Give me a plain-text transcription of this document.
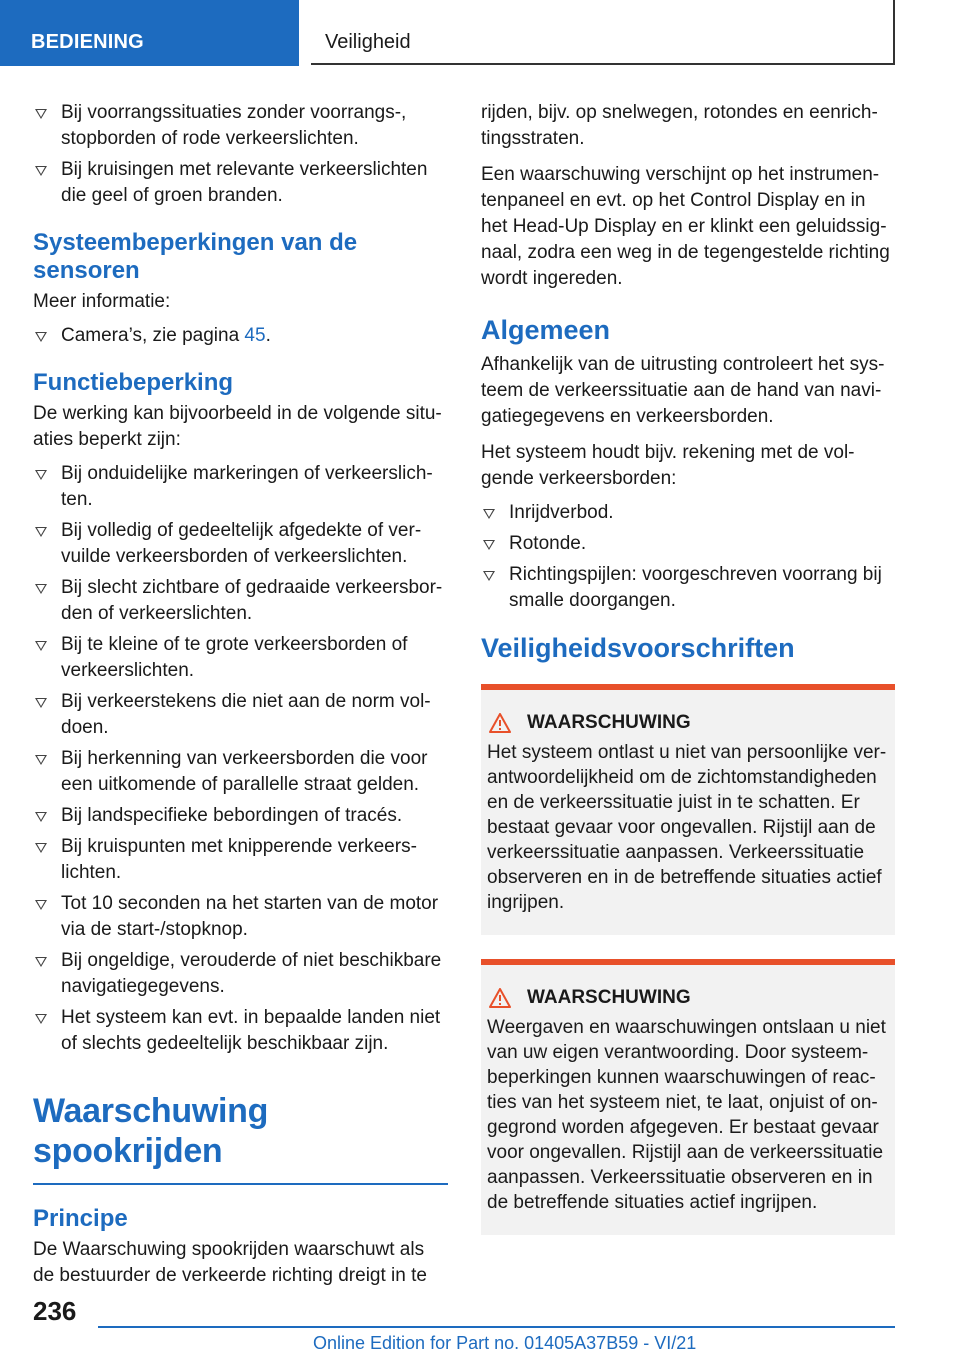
BEDIENING	Veiligheid
Bij voorrangssituaties zonder voorrangs-, stopborden of rode verkeerslichten.
Bij kruisingen met relevante verkeerslichten die geel of groen branden.
Systeembeperkingen van de sensoren

Meer informatie:

Camera’s, zie pagina 45.
Functiebeperking

De werking kan bijvoorbeeld in de volgende situ-aties beperkt zijn:

Bij onduidelijke markeringen of verkeerslich-ten.
Bij volledig of gedeeltelijk afgedekte of ver-vuilde verkeersborden of verkeerslichten.
Bij slecht zichtbare of gedraaide verkeersbor-den of verkeerslichten.
Bij te kleine of te grote verkeersborden of verkeerslichten.
Bij verkeerstekens die niet aan de norm vol-doen.
Bij herkenning van verkeersborden die voor een uitkomende of parallelle straat gelden.
Bij landspecifieke bebordingen of tracés.
Bij kruispunten met knipperende verkeers-lichten.
Tot 10 seconden na het starten van de motor via de start-/stopknop.
Bij ongeldige, verouderde of niet beschikbare navigatiegegevens.
Het systeem kan evt. in bepaalde landen niet of slechts gedeeltelijk beschikbaar zijn.
Waarschuwing spookrijden
Principe

De Waarschuwing spookrijden waarschuwt als de bestuurder de verkeerde richting dreigt in te

rijden, bijv. op snelwegen, rotondes en eenrich-tingsstraten.

Een waarschuwing verschijnt op het instrumen-tenpaneel en evt. op het Control Display en in het Head-Up Display en er klinkt een geluidssig-naal, zodra een weg in de tegengestelde richting wordt ingereden.

Algemeen

Afhankelijk van de uitrusting controleert het sys-teem de verkeerssituatie aan de hand van navi-gatiegegevens en verkeersborden.

Het systeem houdt bijv. rekening met de vol-gende verkeersborden:

Inrijdverbod.
Rotonde.
Richtingspijlen: voorgeschreven voorrang bij smalle doorgangen.
Veiligheidsvoorschriften
WAARSCHUWING
Het systeem ontlast u niet van persoonlijke ver-antwoordelijkheid om de zichtomstandigheden en de verkeerssituatie juist in te schatten. Er bestaat gevaar voor ongevallen. Rijstijl aan de verkeerssituatie aanpassen. Verkeerssituatie observeren en in de betreffende situaties actief ingrijpen.
WAARSCHUWING
Weergaven en waarschuwingen ontslaan u niet van uw eigen verantwoording. Door systeem-beperkingen kunnen waarschuwingen of reac-ties van het systeem niet, te laat, onjuist of on-gegrond worden afgegeven. Er bestaat gevaar voor ongevallen. Rijstijl aan de verkeerssituatie aanpassen. Verkeerssituatie observeren en in de betreffende situaties actief ingrijpen.
236
Online Edition for Part no. 01405A37B59 - VI/21
